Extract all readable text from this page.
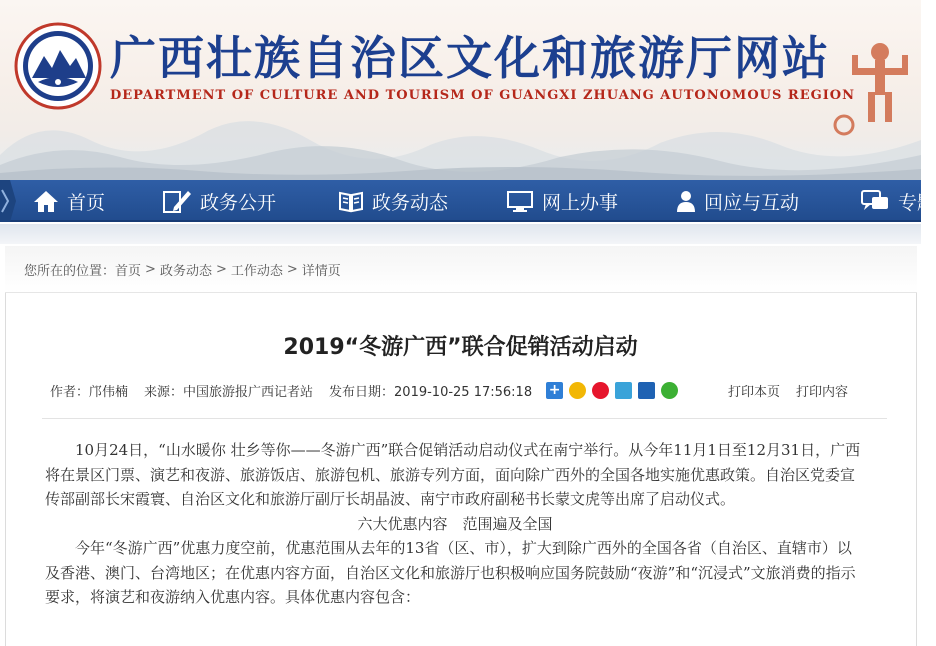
广西壮族自治区文化和旅游厅网站
DEPARTMENT OF CULTURE AND TOURISM OF GUANGXI ZHUANG AUTONOMOUS REGION
首页	政务公开	政务动态	网上办事	回应与互动	专题
您所在的位置： 首页 > 政务动态 > 工作动态 > 详情页
2019“冬游广西”联合促销活动启动
作者：邝伟楠 来源：中国旅游报广西记者站 发布日期：2019-10-25 17:56:18 +	打印本页 打印内容

10月24日，“山水暖你 壮乡等你——冬游广西”联合促销活动启动仪式在南宁举行。从今年11月1日至12月31日，广西将在景区门票、演艺和夜游、旅游饭店、旅游包机、旅游专列方面，面向除广西外的全国各地实施优惠政策。自治区党委宣传部副部长宋霞寰、自治区文化和旅游厅副厅长胡晶波、南宁市政府副秘书长蒙文虎等出席了启动仪式。

六大优惠内容　范围遍及全国

今年“冬游广西”优惠力度空前，优惠范围从去年的13省（区、市），扩大到除广西外的全国各省（自治区、直辖市）以及香港、澳门、台湾地区；在优惠内容方面，自治区文化和旅游厅也积极响应国务院鼓励“夜游”和“沉浸式”文旅消费的指示要求，将演艺和夜游纳入优惠内容。具体优惠内容包含：
